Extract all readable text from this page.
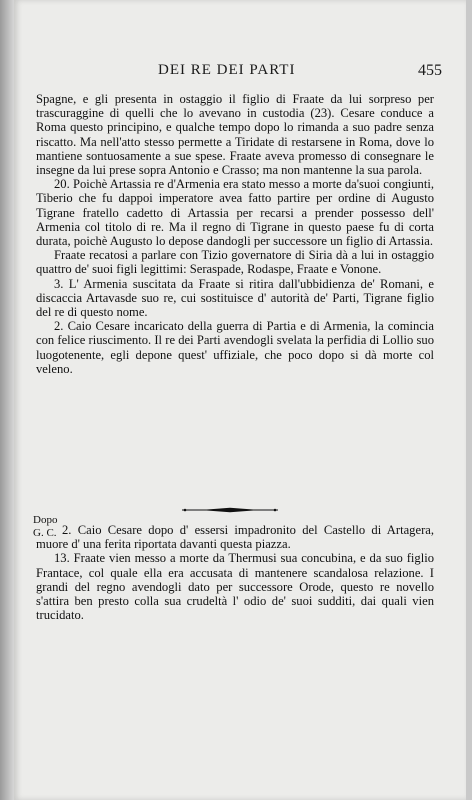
DEI RE DEI PARTI	455

Spagne, e gli presenta in ostaggio il figlio di Fraate da lui sorpreso per trascuraggine di quelli che lo avevano in custodia (23). Cesare conduce a Roma questo principino, e qualche tempo dopo lo rimanda a suo padre senza riscatto. Ma nell'atto stesso permette a Tiridate di restarsene in Roma, dove lo mantiene sontuosamente a sue spese. Fraate aveva promesso di consegnare le insegne da lui prese sopra Antonio e Crasso; ma non mantenne la sua parola.

20. Poichè Artassia re d'Armenia era stato messo a morte da'suoi congiunti, Tiberio che fu dappoi imperatore avea fatto partire per ordine di Augusto Tigrane fratello cadetto di Artassia per recarsi a prender possesso dell' Armenia col titolo di re. Ma il regno di Tigrane in questo paese fu di corta durata, poichè Augusto lo depose dandogli per successore un figlio di Artassia.

Fraate recatosi a parlare con Tizio governatore di Siria dà a lui in ostaggio quattro de' suoi figli legittimi: Seraspade, Rodaspe, Fraate e Vonone.

3. L' Armenia suscitata da Fraate si ritira dall'ubbidienza de' Romani, e discaccia Artavasde suo re, cui sostituisce d' autorità de' Parti, Tigrane figlio del re di questo nome.

2. Caio Cesare incaricato della guerra di Partia e di Armenia, la comincia con felice riuscimento. Il re dei Parti avendogli svelata la perfidia di Lollio suo luogotenente, egli depone quest' uffiziale, che poco dopo si dà morte col veleno.

Dopo
G. C. 2. Caio Cesare dopo d' essersi impadronito del Castello di Artagera, muore d' una ferita riportata davanti questa piazza.

13. Fraate vien messo a morte da Thermusi sua concubina, e da suo figlio Frantace, col quale ella era accusata di mantenere scandalosa relazione. I grandi del regno avendogli dato per successore Orode, questo re novello s'attira ben presto colla sua crudeltà l' odio de' suoi sudditi, dai quali vien trucidato.
